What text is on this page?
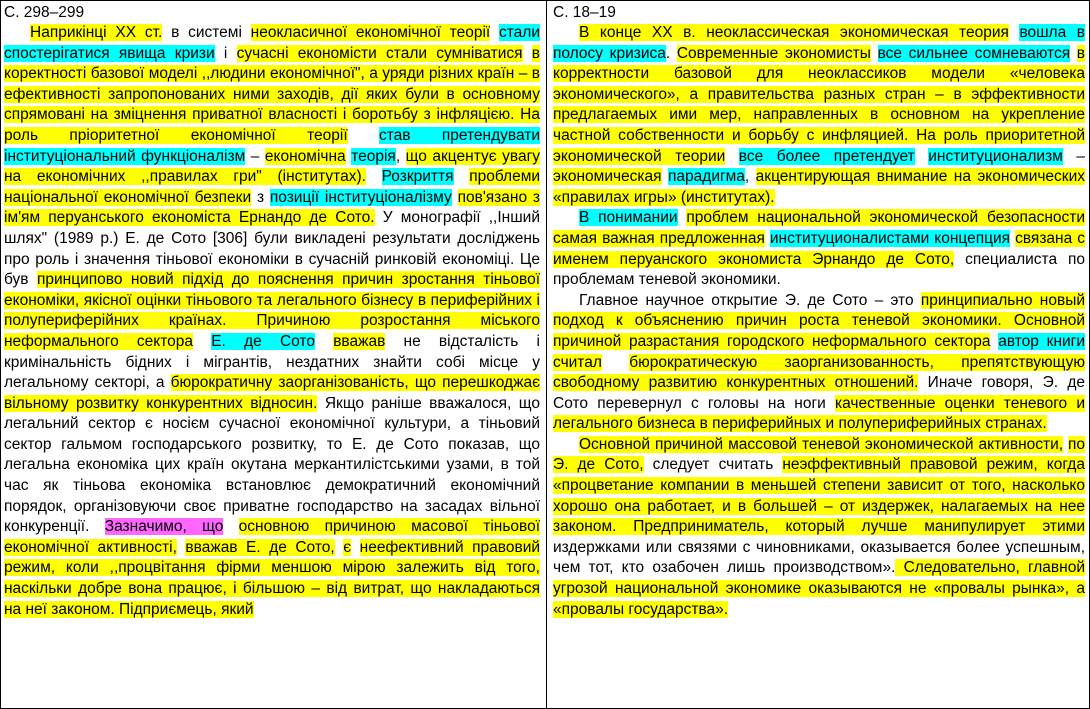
С. 298–299

Наприкінці XX ст. в системі неокласичної економічної теорії стали спостерігатися явища кризи і сучасні економісти стали сумніватися в коректності базової моделі ,,людини економічної", а уряди різних країн – в ефективності запропонованих ними заходів, дії яких були в основному спрямовані на зміцнення приватної власності і боротьбу з інфляцією. На роль пріоритетної економічної теорії став претендувати інституціональний функціоналізм – економічна теорія, що акцентує увагу на економічних ,,правилах гри" (інститутах). Розкриття проблеми національної економічної безпеки з позиції інституціоналізму пов'язано з ім'ям перуанського економіста Ернандо де Сото. У монографії ,,Інший шлях" (1989 р.) Е. де Сото [306] були викладені результати досліджень про роль і значення тіньової економіки в сучасній ринковій економіці. Це був принципово новий підхід до пояснення причин зростання тіньової економіки, якісної оцінки тіньового та легального бізнесу в периферійних і полупериферійних країнах. Причиною розростання міського неформального сектора Е. де Сото вважав не відсталість і кримінальність бідних і мігрантів, нездатних знайти собі місце у легальному секторі, а бюрократичну заорганізованість, що перешкоджає вільному розвитку конкурентних відносин. Якщо раніше вважалося, що легальний сектор є носієм сучасної економічної культури, а тіньовий сектор гальмом господарського розвитку, то Е. де Сото показав, що легальна економіка цих країн окутана меркантилістськими узами, в той час як тіньова економіка встановлює демократичний економічний порядок, організовуючи своє приватне господарство на засадах вільної конкуренції. Зазначимо, що основною причиною масової тіньової економічної активності, вважав Е. де Сото, є неефективний правовий режим, коли ,,процвітання фірми меншою мірою залежить від того, наскільки добре вона працює, і більшою – від витрат, що накладаються на неї законом. Підприємець, який

С. 18–19

В конце XX в. неоклассическая экономическая теория вошла в полосу кризиса. Современные экономисты все сильнее сомневаются в корректности базовой для неоклассиков модели «человека экономического», а правительства разных стран – в эффективности предлагаемых ими мер, направленных в основном на укрепление частной собственности и борьбу с инфляцией. На роль приоритетной экономической теории все более претендует институционализм – экономическая парадигма, акцентирующая внимание на экономических «правилах игры» (институтах).

В понимании проблем национальной экономической безопасности самая важная предложенная институционалистами концепция связана с именем перуанского экономиста Эрнандо де Сото, специалиста по проблемам теневой экономики.

Главное научное открытие Э. де Сото – это принципиально новый подход к объяснению причин роста теневой экономики. Основной причиной разрастания городского неформального сектора автор книги считал бюрократическую заорганизованность, препятствующую свободному развитию конкурентных отношений. Иначе говоря, Э. де Сото перевернул с головы на ноги качественные оценки теневого и легального бизнеса в периферийных и полупериферийных странах.

Основной причиной массовой теневой экономической активности, по Э. де Сото, следует считать неэффективный правовой режим, когда «процветание компании в меньшей степени зависит от того, насколько хорошо она работает, и в большей – от издержек, налагаемых на нее законом. Предприниматель, который лучше манипулирует этими издержками или связями с чиновниками, оказывается более успешным, чем тот, кто озабочен лишь производством». Следовательно, главной угрозой национальной экономике оказываются не «провалы рынка», а «провалы государства».
